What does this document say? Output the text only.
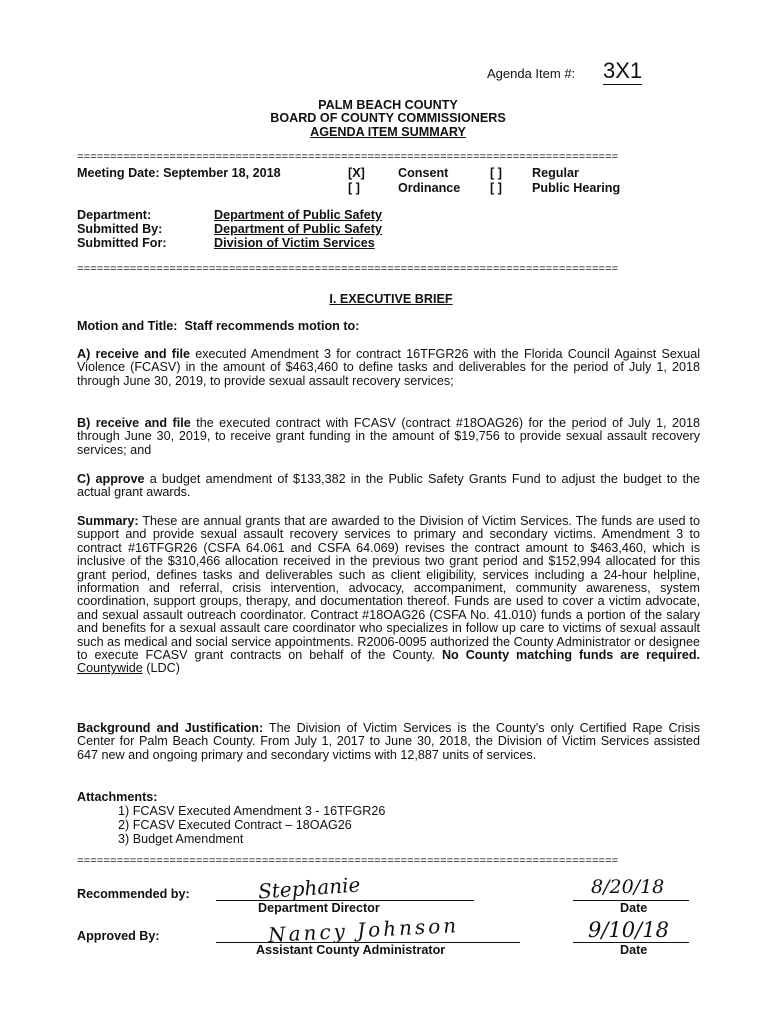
Agenda Item #: 3X1
PALM BEACH COUNTY
BOARD OF COUNTY COMMISSIONERS
AGENDA ITEM SUMMARY
==================================================================================
Meeting Date: September 18, 2018	[X]	Consent	[ ] Regular
[ ]	Ordinance [ ] Public Hearing
Department:	Department of Public Safety
Submitted By:	Department of Public Safety
Submitted For:	Division of Victim Services
==================================================================================
I. EXECUTIVE BRIEF
Motion and Title: Staff recommends motion to:
A) receive and file executed Amendment 3 for contract 16TFGR26 with the Florida Council Against Sexual Violence (FCASV) in the amount of $463,460 to define tasks and deliverables for the period of July 1, 2018 through June 30, 2019, to provide sexual assault recovery services;
B) receive and file the executed contract with FCASV (contract #18OAG26) for the period of July 1, 2018 through June 30, 2019, to receive grant funding in the amount of $19,756 to provide sexual assault recovery services; and
C) approve a budget amendment of $133,382 in the Public Safety Grants Fund to adjust the budget to the actual grant awards.
Summary: These are annual grants that are awarded to the Division of Victim Services. The funds are used to support and provide sexual assault recovery services to primary and secondary victims. Amendment 3 to contract #16TFGR26 (CSFA 64.061 and CSFA 64.069) revises the contract amount to $463,460, which is inclusive of the $310,466 allocation received in the previous two grant period and $152,994 allocated for this grant period, defines tasks and deliverables such as client eligibility, services including a 24-hour helpline, information and referral, crisis intervention, advocacy, accompaniment, community awareness, system coordination, support groups, therapy, and documentation thereof. Funds are used to cover a victim advocate, and sexual assault outreach coordinator. Contract #18OAG26 (CSFA No. 41.010) funds a portion of the salary and benefits for a sexual assault care coordinator who specializes in follow up care to victims of sexual assault such as medical and social service appointments. R2006-0095 authorized the County Administrator or designee to execute FCASV grant contracts on behalf of the County. No County matching funds are required. Countywide (LDC)
Background and Justification: The Division of Victim Services is the County's only Certified Rape Crisis Center for Palm Beach County. From July 1, 2017 to June 30, 2018, the Division of Victim Services assisted 647 new and ongoing primary and secondary victims with 12,887 units of services.
Attachments:
1) FCASV Executed Amendment 3 - 16TFGR26
2) FCASV Executed Contract – 18OAG26
3) Budget Amendment
==================================================================================
Recommended by:	Stephanie
Department Director
8/20/18
Date
Approved By:	Nancy Johnson
Assistant County Administrator
9/10/18
Date
